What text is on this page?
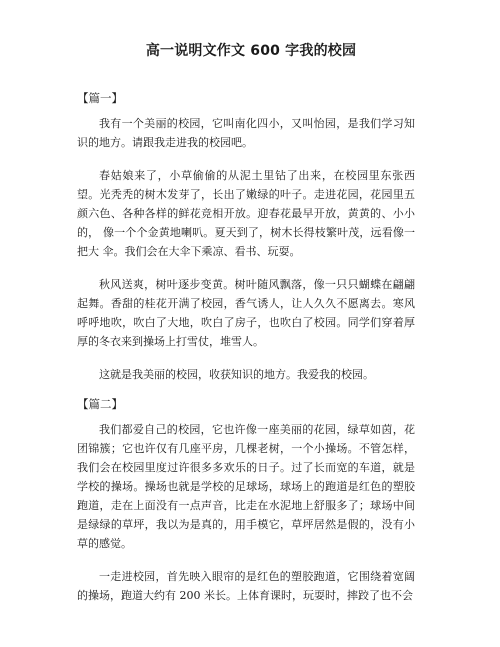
高一说明文作文 600 字我的校园
【篇一】

我有一个美丽的校园，它叫南化四小，又叫怡园，是我们学习知识的地方。请跟我走进我的校园吧。

春姑娘来了，小草偷偷的从泥土里钻了出来，在校园里东张西望。光秃秃的树木发芽了，长出了嫩绿的叶子。走进花园，花园里五颜六色、各种各样的鲜花竞相开放。迎春花最早开放，黄黄的、小小的， 像一个个金黄地喇叭。夏天到了，树木长得枝繁叶茂，远看像一把大 伞。我们会在大伞下乘凉、看书、玩耍。

秋风送爽，树叶逐步变黄。树叶随风飘落，像一只只蝴蝶在翩翩起舞。香甜的桂花开满了校园，香气诱人，让人久久不愿离去。寒风呼呼地吹，吹白了大地，吹白了房子，也吹白了校园。同学们穿着厚厚的冬衣来到操场上打雪仗，堆雪人。

这就是我美丽的校园，收获知识的地方。我爱我的校园。

【篇二】

我们都爱自己的校园，它也许像一座美丽的花园，绿草如茵，花团锦簇；它也许仅有几座平房，几棵老树，一个小操场。不管怎样，我们会在校园里度过许很多多欢乐的日子。过了长而宽的车道，就是学校的操场。操场也就是学校的足球场，球场上的跑道是红色的塑胶跑道，走在上面没有一点声音，比走在水泥地上舒服多了；球场中间是绿绿的草坪，我以为是真的，用手模它，草坪居然是假的，没有小草的感觉。

一走进校园，首先映入眼帘的是红色的塑胶跑道，它围绕着宽阔的操场，跑道大约有 200 米长。上体育课时，玩耍时，摔跤了也不会
